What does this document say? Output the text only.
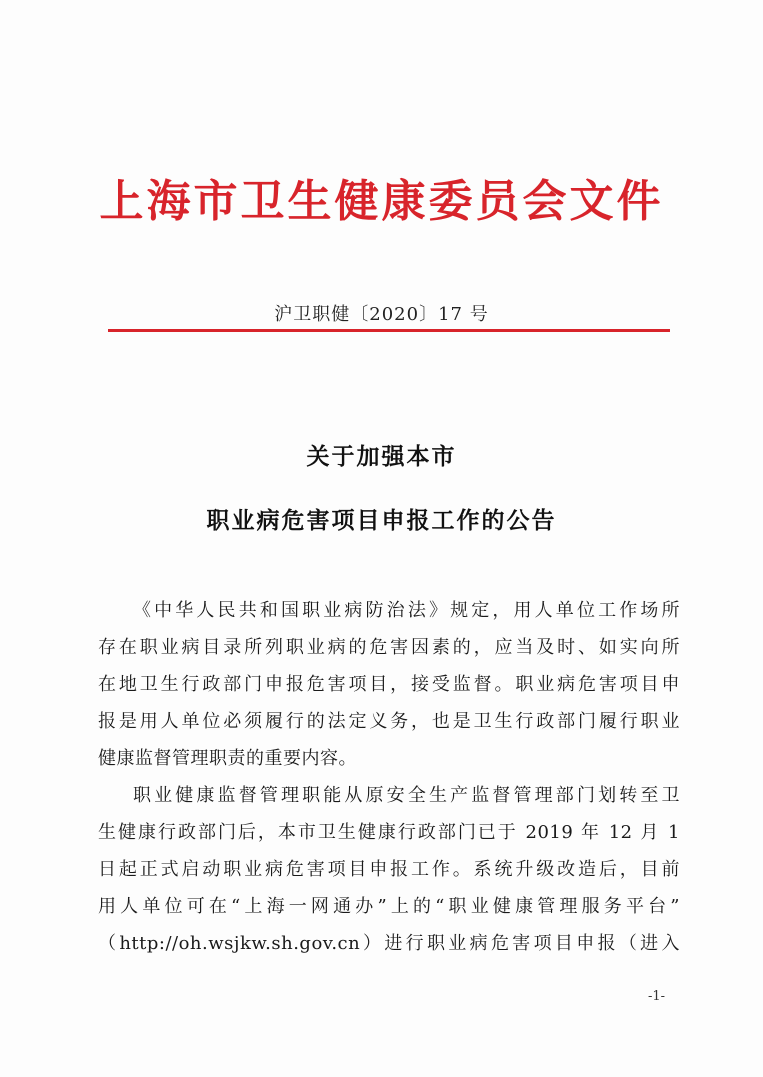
上海市卫生健康委员会文件
沪卫职健〔2020〕17 号
关于加强本市
职业病危害项目申报工作的公告
《中华人民共和国职业病防治法》规定，用人单位工作场所
存在职业病目录所列职业病的危害因素的，应当及时、如实向所
在地卫生行政部门申报危害项目，接受监督。职业病危害项目申
报是用人单位必须履行的法定义务，也是卫生行政部门履行职业
健康监督管理职责的重要内容。
职业健康监督管理职能从原安全生产监督管理部门划转至卫
生健康行政部门后，本市卫生健康行政部门已于 2019 年 12 月 1
日起正式启动职业病危害项目申报工作。系统升级改造后，目前
用人单位可在“上海一网通办”上的“职业健康管理服务平台”
（http://oh.wsjkw.sh.gov.cn）进行职业病危害项目申报（进入
-1-
